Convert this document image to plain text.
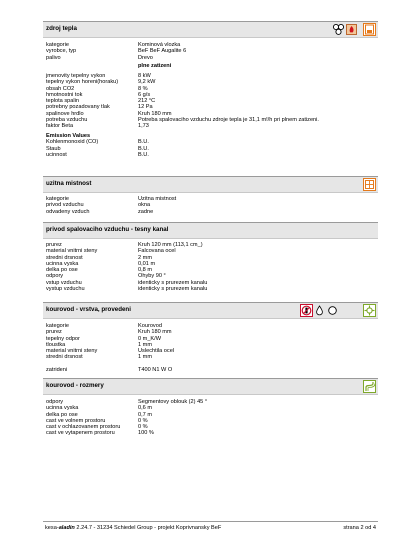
zdroj tepla
kategorie	Kominová vlozka
vyrobce, typ	BeF BeF Augalite 6
palivo	Drevo
plne zatizeni
jmenovity tepelny vykon	8 kW
tepelny vykon horeni(horaku)	9,2 kW
obsah CO2	8 %
hmotnostni tok	6 g/s
teplota spalin	212 °C
potrebny pozadovany tlak	12 Pa
spalinove hrdlo	Kruh 180 mm
potreba vzduchu	Potreba spalovaciho vzduchu zdroje tepla je 31,1 m!/h pri plnem zatizeni.
faktor Beta	1,73
Emission Values
Kohlenmonoxid (CO)	B.U.
Staub	B.U.
ucinnost	B.U.
uzitna mistnost
kategorie	Uzitna mistnost
privod vzduchu	okna
odvadeny vzduch	zadne
privod spalovaciho vzduchu - tesny kanal
prurez	Kruh 120 mm (113,1 cm_)
material vnitrni steny	Falcovana ocel
stredni drsnost	2 mm
ucinna vyska	0,01 m
delka po ose	0,8 m
odpory	Ohyby 90 °
vstup vzduchu	identicky s prurezem kanalu
vystup vzduchu	identicky s prurezem kanalu
kourovod - vrstva, provedeni
kategorie	Kourovod
prurez	Kruh 180 mm
tepelny odpor	0 m_K/W
tloustka	1 mm
material vnitrni steny	Uslechtila ocel
stredni drsnost	1 mm
zatrideni	T400 N1 W O
kourovod - rozmery
odpory	Segmentovy oblouk (2) 45 °
ucinna vyska	0,6 m
delka po ose	0,7 m
cast ve volnem prostoru	0 %
cast v ochlazovanem prostoru	0 %
cast ve vytapenem prostoru	100 %
kesa-aladin 2.24.7 - 31234 Schiedel Group - projekt Koprivnansky BeF	strana 2 od 4
